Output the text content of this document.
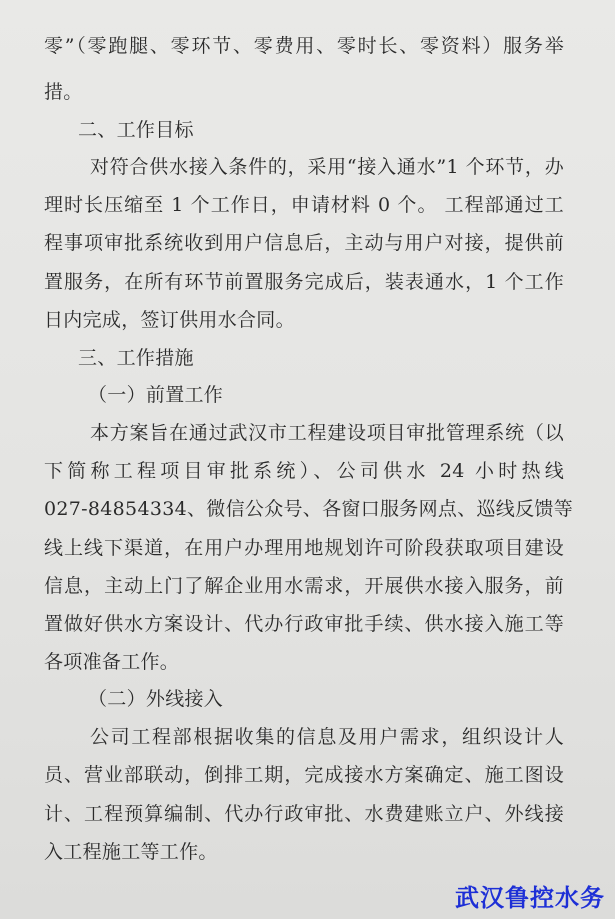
零”（零跑腿、零环节、零费用、零时长、零资料）服务举
措。
二、工作目标
对符合供水接入条件的，采用“接入通水”1 个环节，办
理时长压缩至 1 个工作日，申请材料 0 个。 工程部通过工
程事项审批系统收到用户信息后，主动与用户对接，提供前
置服务，在所有环节前置服务完成后，装表通水，1 个工作
日内完成，签订供用水合同。
三、工作措施
（一）前置工作
本方案旨在通过武汉市工程建设项目审批管理系统（以
下简称工程项目审批系统）、公司供水 24 小时热线
027-84854334、微信公众号、各窗口服务网点、巡线反馈等
线上线下渠道，在用户办理用地规划许可阶段获取项目建设
信息，主动上门了解企业用水需求，开展供水接入服务，前
置做好供水方案设计、代办行政审批手续、供水接入施工等
各项准备工作。
（二）外线接入
公司工程部根据收集的信息及用户需求，组织设计人
员、营业部联动，倒排工期，完成接水方案确定、施工图设
计、工程预算编制、代办行政审批、水费建账立户、外线接
入工程施工等工作。
武汉鲁控水务
